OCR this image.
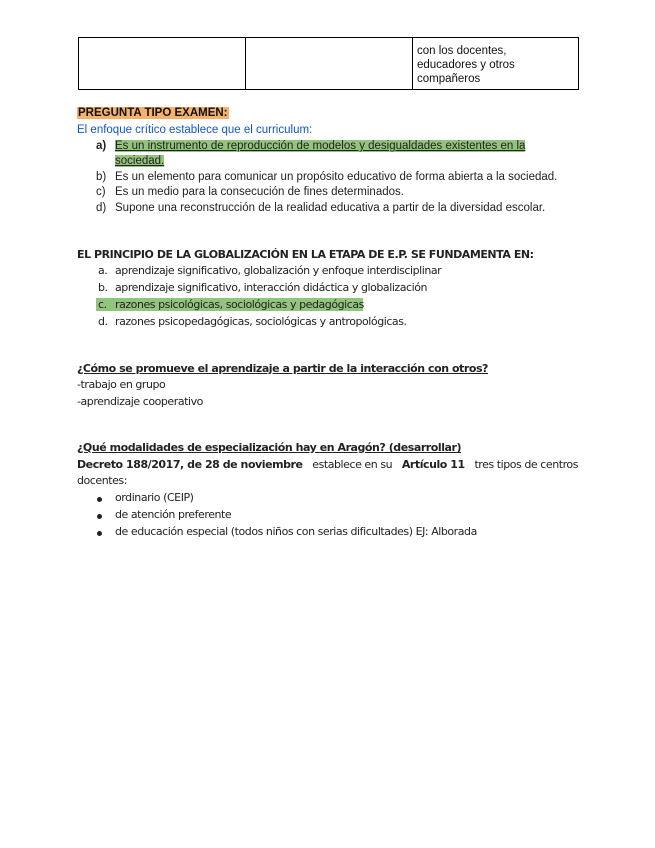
con los docentes,
educadores y otros
compañeros
PREGUNTA TIPO EXAMEN:
El enfoque crítico establece que el curriculum:
a) Es un instrumento de reproducción de modelos y desigualdades existentes en la
sociedad.
b) Es un elemento para comunicar un propósito educativo de forma abierta a la sociedad.
c) Es un medio para la consecución de fines determinados.
d) Supone una reconstrucción de la realidad educativa a partir de la diversidad escolar.
EL PRINCIPIO DE LA GLOBALIZACIÓN EN LA ETAPA DE E.P. SE FUNDAMENTA EN:
a. aprendizaje significativo, globalización y enfoque interdisciplinar
b. aprendizaje significativo, interacción didáctica y globalización
c. razones psicológicas, sociológicas y pedagógicas
d. razones psicopedagógicas, sociológicas y antropológicas.
¿Cómo se promueve el aprendizaje a partir de la interacción con otros?
-trabajo en grupo
-aprendizaje cooperativo
¿Qué modalidades de especialización hay en Aragón? (desarrollar)
Decreto 188/2017, de 28 de noviembre establece en su Artículo 11 tres tipos de centros
docentes:
ordinario (CEIP)
de atención preferente
de educación especial (todos niños con serias dificultades) EJ: Alborada
